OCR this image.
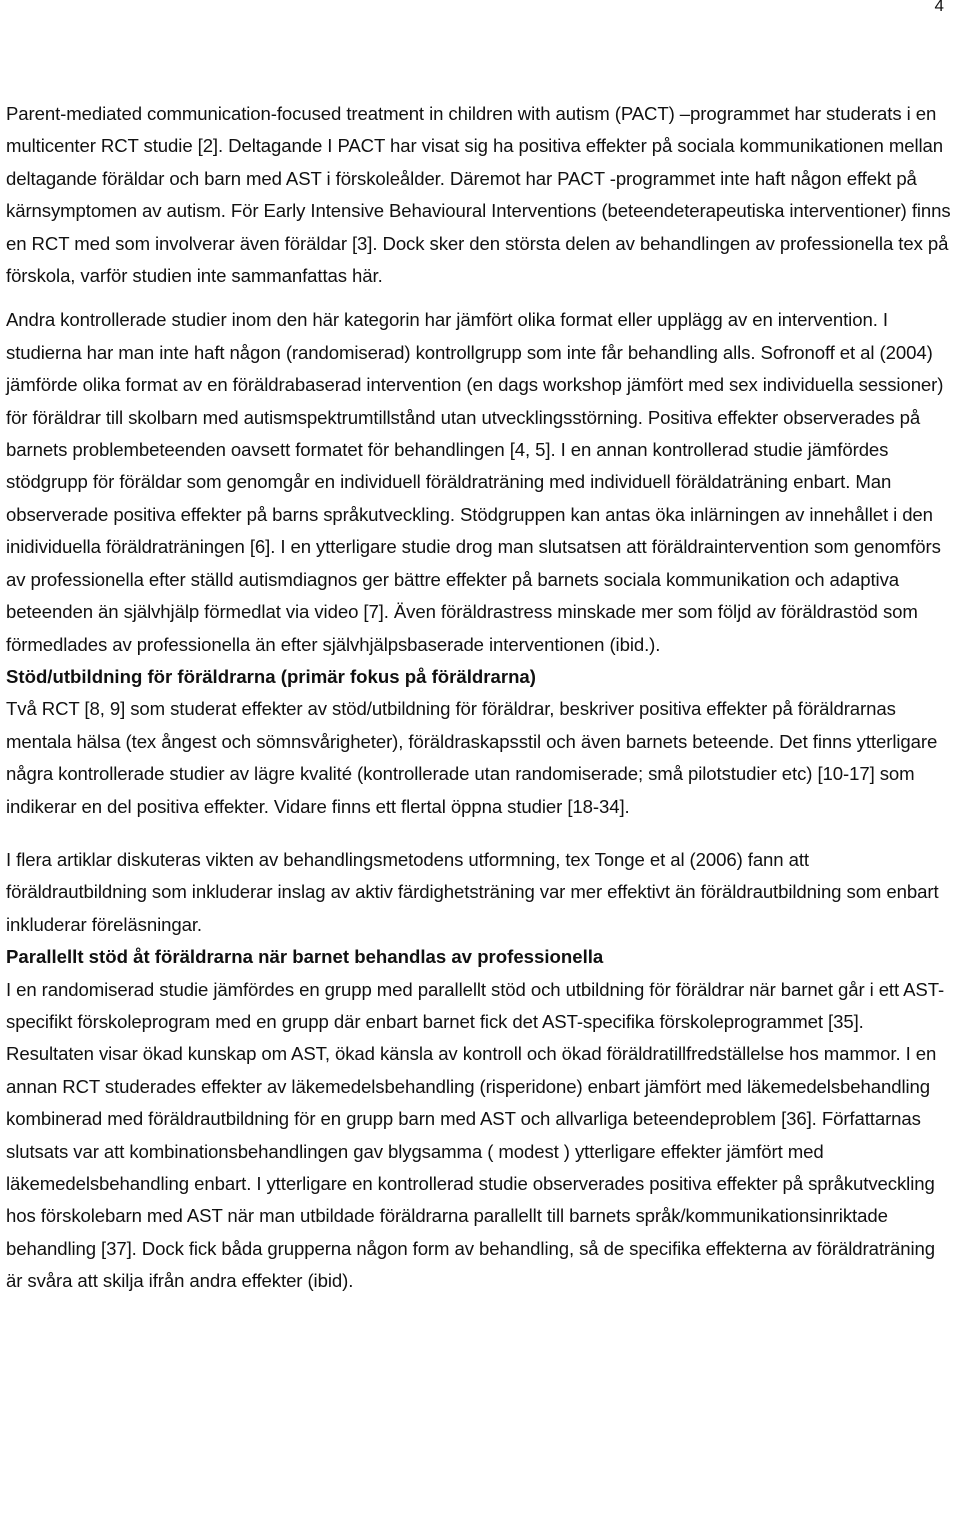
4

Parent-mediated communication-focused treatment in children with autism (PACT) –programmet har studerats i en multicenter RCT studie [2]. Deltagande I PACT har visat sig ha positiva effekter på sociala kommunikationen mellan deltagande föräldar och barn med AST i förskoleålder. Däremot har PACT -programmet inte haft någon effekt på kärnsymptomen av autism. För Early Intensive Behavioural Interventions (beteendeterapeutiska interventioner) finns en RCT med som involverar även föräldar [3]. Dock sker den största delen av behandlingen av professionella tex på förskola, varför studien inte sammanfattas här.

Andra kontrollerade studier inom den här kategorin har jämfört olika format eller upplägg av en intervention. I studierna har man inte haft någon (randomiserad) kontrollgrupp som inte får behandling alls. Sofronoff et al (2004) jämförde olika format av en föräldrabaserad intervention (en dags workshop jämfört med sex individuella sessioner) för föräldrar till skolbarn med autismspektrumtillstånd utan utvecklingsstörning. Positiva effekter observerades på barnets problembeteenden oavsett formatet för behandlingen [4, 5]. I en annan kontrollerad studie jämfördes stödgrupp för föräldar som genomgår en individuell föräldraträning med individuell föräldaträning enbart. Man observerade positiva effekter på barns språkutveckling. Stödgruppen kan antas öka inlärningen av innehållet i den inidividuella föräldraträningen [6]. I en ytterligare studie drog man slutsatsen att föräldraintervention som genomförs av professionella efter ställd autismdiagnos ger bättre effekter på barnets sociala kommunikation och adaptiva beteenden än självhjälp förmedlat via video [7]. Även föräldrastress minskade mer som följd av föräldrastöd som förmedlades av professionella än efter självhjälpsbaserade interventionen (ibid.).

Stöd/utbildning för föräldrarna (primär fokus på föräldrarna)

Två RCT [8, 9] som studerat effekter av stöd/utbildning för föräldrar, beskriver positiva effekter på föräldrarnas mentala hälsa (tex ångest och sömnsvårigheter), föräldraskapsstil och även barnets beteende. Det finns ytterligare några kontrollerade studier av lägre kvalité (kontrollerade utan randomiserade; små pilotstudier etc) [10-17] som indikerar en del positiva effekter. Vidare finns ett flertal öppna studier [18-34].

I flera artiklar diskuteras vikten av behandlingsmetodens utformning, tex Tonge et al (2006) fann att föräldrautbildning som inkluderar inslag av aktiv färdighetsträning var mer effektivt än föräldrautbildning som enbart inkluderar föreläsningar.

Parallellt stöd åt föräldrarna när barnet behandlas av professionella

I en randomiserad studie jämfördes en grupp med parallellt stöd och utbildning för föräldrar när barnet går i ett AST-specifikt förskoleprogram med en grupp där enbart barnet fick det AST-specifika förskoleprogrammet [35]. Resultaten visar ökad kunskap om AST, ökad känsla av kontroll och ökad föräldratillfredställelse hos mammor. I en annan RCT studerades effekter av läkemedelsbehandling (risperidone) enbart jämfört med läkemedelsbehandling kombinerad med föräldrautbildning för en grupp barn med AST och allvarliga beteendeproblem [36]. Författarnas slutsats var att kombinationsbehandlingen gav blygsamma ( modest ) ytterligare effekter jämfört med läkemedelsbehandling enbart. I ytterligare en kontrollerad studie observerades positiva effekter på språkutveckling hos förskolebarn med AST när man utbildade föräldrarna parallellt till barnets språk/kommunikationsinriktade behandling [37]. Dock fick båda grupperna någon form av behandling, så de specifika effekterna av föräldraträning är svåra att skilja ifrån andra effekter (ibid).
